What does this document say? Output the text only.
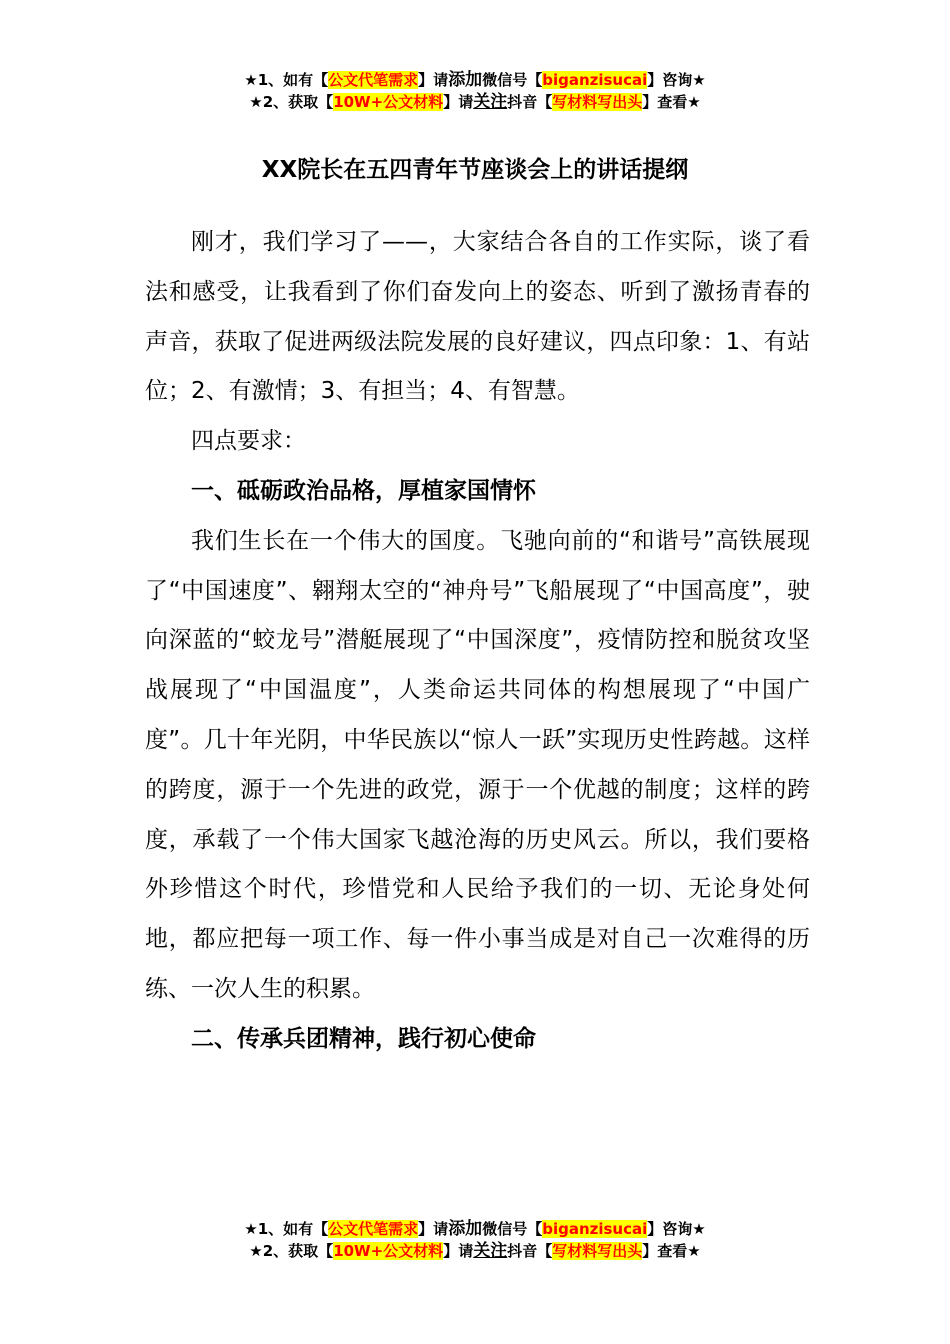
★1、如有【公文代笔需求】请添加微信号【biganzisucai】咨询★
★2、获取【10W+公文材料】请关注抖音【写材料写出头】查看★
XX院长在五四青年节座谈会上的讲话提纲

刚才，我们学习了——，大家结合各自的工作实际，谈了看法和感受，让我看到了你们奋发向上的姿态、听到了激扬青春的声音，获取了促进两级法院发展的良好建议，四点印象：1、有站位；2、有激情；3、有担当；4、有智慧。

四点要求：

一、砥砺政治品格，厚植家国情怀

我们生长在一个伟大的国度。飞驰向前的“和谐号”高铁展现了“中国速度”、翱翔太空的“神舟号”飞船展现了“中国高度”，驶向深蓝的“蛟龙号”潜艇展现了“中国深度”，疫情防控和脱贫攻坚战展现了“中国温度”，人类命运共同体的构想展现了“中国广度”。几十年光阴，中华民族以“惊人一跃”实现历史性跨越。这样的跨度，源于一个先进的政党，源于一个优越的制度；这样的跨度，承载了一个伟大国家飞越沧海的历史风云。所以，我们要格外珍惜这个时代，珍惜党和人民给予我们的一切、无论身处何地，都应把每一项工作、每一件小事当成是对自己一次难得的历练、一次人生的积累。

二、传承兵团精神，践行初心使命

★1、如有【公文代笔需求】请添加微信号【biganzisucai】咨询★
★2、获取【10W+公文材料】请关注抖音【写材料写出头】查看★
